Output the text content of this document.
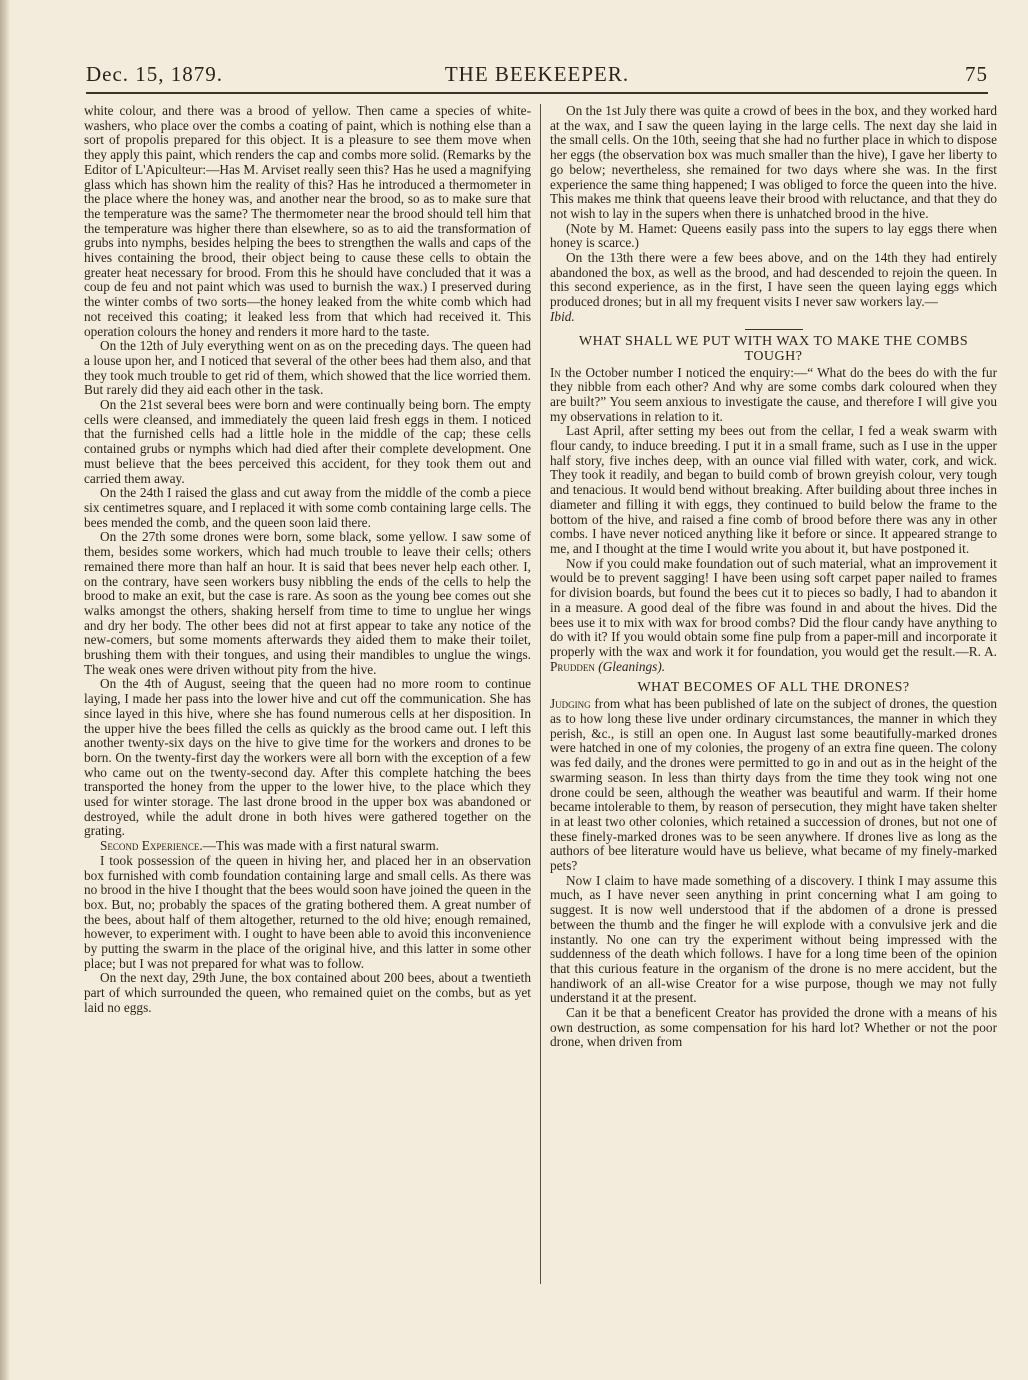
Dec. 15, 1879.	THE BEEKEEPER.	75

white colour, and there was a brood of yellow. Then came a species of white-washers, who place over the combs a coating of paint, which is nothing else than a sort of propolis prepared for this object. It is a pleasure to see them move when they apply this paint, which renders the cap and combs more solid. (Remarks by the Editor of L'Apiculteur:—Has M. Arviset really seen this? Has he used a magnifying glass which has shown him the reality of this? Has he introduced a thermometer in the place where the honey was, and another near the brood, so as to make sure that the temperature was the same? The thermometer near the brood should tell him that the temperature was higher there than elsewhere, so as to aid the transformation of grubs into nymphs, besides helping the bees to strengthen the walls and caps of the hives containing the brood, their object being to cause these cells to obtain the greater heat necessary for brood. From this he should have concluded that it was a coup de feu and not paint which was used to burnish the wax.) I preserved during the winter combs of two sorts—the honey leaked from the white comb which had not received this coating; it leaked less from that which had received it. This operation colours the honey and renders it more hard to the taste.

On the 12th of July everything went on as on the preceding days. The queen had a louse upon her, and I noticed that several of the other bees had them also, and that they took much trouble to get rid of them, which showed that the lice worried them. But rarely did they aid each other in the task.

On the 21st several bees were born and were continually being born. The empty cells were cleansed, and immediately the queen laid fresh eggs in them. I noticed that the furnished cells had a little hole in the middle of the cap; these cells contained grubs or nymphs which had died after their complete development. One must believe that the bees perceived this accident, for they took them out and carried them away.

On the 24th I raised the glass and cut away from the middle of the comb a piece six centimetres square, and I replaced it with some comb containing large cells. The bees mended the comb, and the queen soon laid there.

On the 27th some drones were born, some black, some yellow. I saw some of them, besides some workers, which had much trouble to leave their cells; others remained there more than half an hour. It is said that bees never help each other. I, on the contrary, have seen workers busy nibbling the ends of the cells to help the brood to make an exit, but the case is rare. As soon as the young bee comes out she walks amongst the others, shaking herself from time to time to unglue her wings and dry her body. The other bees did not at first appear to take any notice of the new-comers, but some moments afterwards they aided them to make their toilet, brushing them with their tongues, and using their mandibles to unglue the wings. The weak ones were driven without pity from the hive.

On the 4th of August, seeing that the queen had no more room to continue laying, I made her pass into the lower hive and cut off the communication. She has since layed in this hive, where she has found numerous cells at her disposition. In the upper hive the bees filled the cells as quickly as the brood came out. I left this another twenty-six days on the hive to give time for the workers and drones to be born. On the twenty-first day the workers were all born with the exception of a few who came out on the twenty-second day. After this complete hatching the bees transported the honey from the upper to the lower hive, to the place which they used for winter storage. The last drone brood in the upper box was abandoned or destroyed, while the adult drone in both hives were gathered together on the grating.

Second Experience.—This was made with a first natural swarm.

I took possession of the queen in hiving her, and placed her in an observation box furnished with comb foundation containing large and small cells. As there was no brood in the hive I thought that the bees would soon have joined the queen in the box. But, no; probably the spaces of the grating bothered them. A great number of the bees, about half of them altogether, returned to the old hive; enough remained, however, to experiment with. I ought to have been able to avoid this inconvenience by putting the swarm in the place of the original hive, and this latter in some other place; but I was not prepared for what was to follow.

On the next day, 29th June, the box contained about 200 bees, about a twentieth part of which surrounded the queen, who remained quiet on the combs, but as yet laid no eggs.

On the 1st July there was quite a crowd of bees in the box, and they worked hard at the wax, and I saw the queen laying in the large cells. The next day she laid in the small cells. On the 10th, seeing that she had no further place in which to dispose her eggs (the observation box was much smaller than the hive), I gave her liberty to go below; nevertheless, she remained for two days where she was. In the first experience the same thing happened; I was obliged to force the queen into the hive. This makes me think that queens leave their brood with reluctance, and that they do not wish to lay in the supers when there is unhatched brood in the hive.

(Note by M. Hamet: Queens easily pass into the supers to lay eggs there when honey is scarce.)

On the 13th there were a few bees above, and on the 14th they had entirely abandoned the box, as well as the brood, and had descended to rejoin the queen. In this second experience, as in the first, I have seen the queen laying eggs which produced drones; but in all my frequent visits I never saw workers lay.—
Ibid.

WHAT SHALL WE PUT WITH WAX TO MAKE THE COMBS TOUGH?

In the October number I noticed the enquiry:—“ What do the bees do with the fur they nibble from each other? And why are some combs dark coloured when they are built?” You seem anxious to investigate the cause, and therefore I will give you my observations in relation to it.

Last April, after setting my bees out from the cellar, I fed a weak swarm with flour candy, to induce breeding. I put it in a small frame, such as I use in the upper half story, five inches deep, with an ounce vial filled with water, cork, and wick. They took it readily, and began to build comb of brown greyish colour, very tough and tenacious. It would bend without breaking. After building about three inches in diameter and filling it with eggs, they continued to build below the frame to the bottom of the hive, and raised a fine comb of brood before there was any in other combs. I have never noticed anything like it before or since. It appeared strange to me, and I thought at the time I would write you about it, but have postponed it.

Now if you could make foundation out of such material, what an improvement it would be to prevent sagging! I have been using soft carpet paper nailed to frames for division boards, but found the bees cut it to pieces so badly, I had to abandon it in a measure. A good deal of the fibre was found in and about the hives. Did the bees use it to mix with wax for brood combs? Did the flour candy have anything to do with it? If you would obtain some fine pulp from a paper-mill and incorporate it properly with the wax and work it for foundation, you would get the result.—R. A. Prudden (Gleanings).

WHAT BECOMES OF ALL THE DRONES?

Judging from what has been published of late on the subject of drones, the question as to how long these live under ordinary circumstances, the manner in which they perish, &c., is still an open one. In August last some beautifully-marked drones were hatched in one of my colonies, the progeny of an extra fine queen. The colony was fed daily, and the drones were permitted to go in and out as in the height of the swarming season. In less than thirty days from the time they took wing not one drone could be seen, although the weather was beautiful and warm. If their home became intolerable to them, by reason of persecution, they might have taken shelter in at least two other colonies, which retained a succession of drones, but not one of these finely-marked drones was to be seen anywhere. If drones live as long as the authors of bee literature would have us believe, what became of my finely-marked pets?

Now I claim to have made something of a discovery. I think I may assume this much, as I have never seen anything in print concerning what I am going to suggest. It is now well understood that if the abdomen of a drone is pressed between the thumb and the finger he will explode with a convulsive jerk and die instantly. No one can try the experiment without being impressed with the suddenness of the death which follows. I have for a long time been of the opinion that this curious feature in the organism of the drone is no mere accident, but the handiwork of an all-wise Creator for a wise purpose, though we may not fully understand it at the present.

Can it be that a beneficent Creator has provided the drone with a means of his own destruction, as some compensation for his hard lot? Whether or not the poor drone, when driven from
